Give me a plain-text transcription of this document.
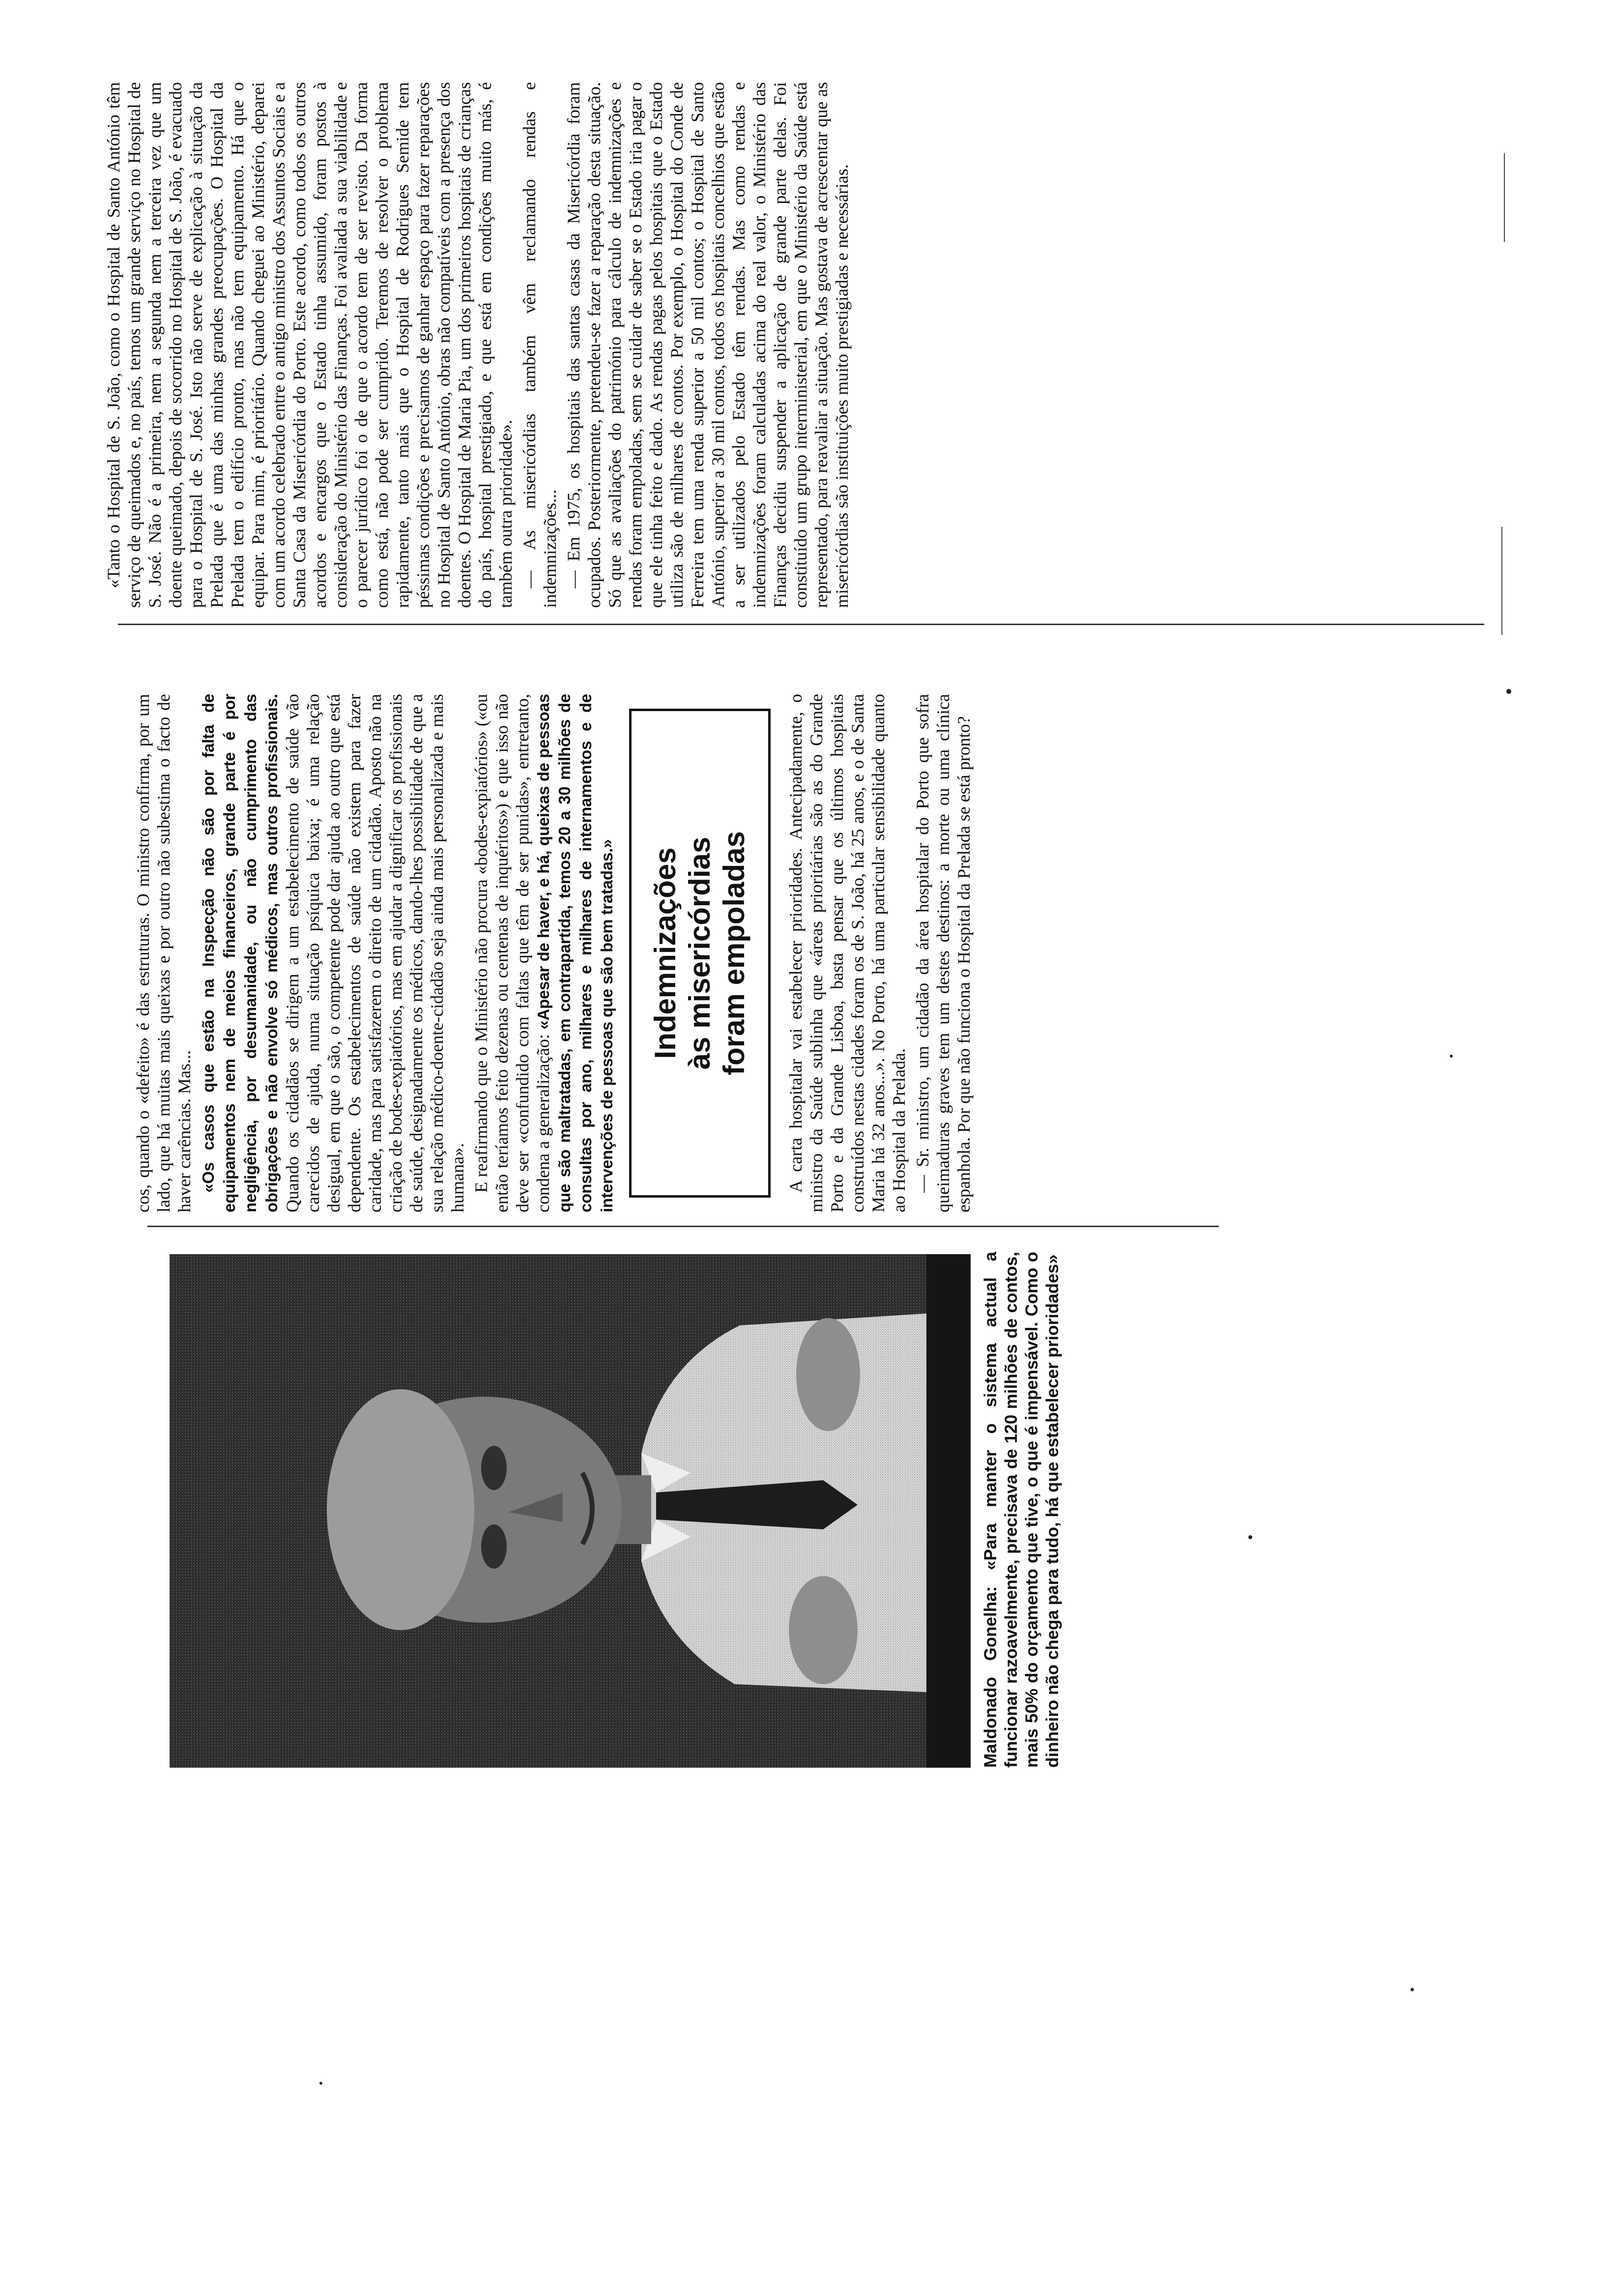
Maldonado Gonelha: «Para manter o sistema actual a funcionar razoavelmente, precisava de 120 milhões de contos, mais 50% do orçamento que tive, o que é impensável. Como o dinheiro não chega para tudo, há que estabelecer prioridades»

cos, quando o «defeito» é das estruturas. O ministro confirma, por um lado, que há muitas mais queixas e por outro não subestima o facto de haver carências. Mas... «Os casos que estão na Inspecção não são por falta de equipamentos nem de meios financeiros, grande parte é por negligência, por desumanidade, ou não cumprimento das obrigações e não envolve só médicos, mas outros profissionais. Quando os cidadãos se dirigem a um estabelecimento de saúde vão carecidos de ajuda, numa situação psíquica baixa; é uma relação desigual, em que o são, o competente pode dar ajuda ao outro que está dependente. Os estabelecimentos de saúde não existem para fazer caridade, mas para satisfazerem o direito de um cidadão. Aposto não na criação de bodes-expiatórios, mas em ajudar a dignificar os profissionais de saúde, designadamente os médicos, dando-lhes possibilidade de que a sua relação médico-doente-cidadão seja ainda mais personalizada e mais humana». E reafirmando que o Ministério não procura «bodes-expiatórios» («ou então teríamos feito dezenas ou centenas de inquéritos») e que isso não deve ser «confundido com faltas que têm de ser punidas», entretanto, condena a generalização: «Apesar de haver, e há, queixas de pessoas que são maltratadas, em contrapartida, temos 20 a 30 milhões de consultas por ano, milhares e milhares de internamentos e de intervenções de pessoas que são bem tratadas.» Indemnizações às misericórdias foram empoladas A carta hospitalar vai estabelecer prioridades. Antecipadamente, o ministro da Saúde sublinha que «áreas prioritárias são as do Grande Porto e da Grande Lisboa, basta pensar que os últimos hospitais construídos nestas cidades foram os de S. João, há 25 anos, e o de Santa Maria há 32 anos...». No Porto, há uma particular sensibilidade quanto ao Hospital da Prelada. — Sr. ministro, um cidadão da área hospitalar do Porto que sofra queimaduras graves tem um destes destinos: a morte ou uma clínica espanhola. Por que não funciona o Hospital da Prelada se está pronto?

«Tanto o Hospital de S. João, como o Hospital de Santo António têm serviço de queimados e, no país, temos um grande serviço no Hospital de S. José. Não é a primeira, nem a segunda nem a terceira vez que um doente queimado, depois de socorrido no Hospital de S. João, é evacuado para o Hospital de S. José. Isto não serve de explicação à situação da Prelada que é uma das minhas grandes preocupações. O Hospital da Prelada tem o edifício pronto, mas não tem equipamento. Há que o equipar. Para mim, é prioritário. Quando cheguei ao Ministério, deparei com um acordo celebrado entre o antigo ministro dos Assuntos Sociais e a Santa Casa da Misericórdia do Porto. Este acordo, como todos os outros acordos e encargos que o Estado tinha assumido, foram postos à consideração do Ministério das Finanças. Foi avaliada a sua viabilidade e o parecer jurídico foi o de que o acordo tem de ser revisto. Da forma como está, não pode ser cumprido. Teremos de resolver o problema rapidamente, tanto mais que o Hospital de Rodrigues Semide tem péssimas condições e precisamos de ganhar espaço para fazer reparações no Hospital de Santo António, obras não compatíveis com a presença dos doentes. O Hospital de Maria Pia, um dos primeiros hospitais de crianças do país, hospital prestigiado, e que está em condições muito más, é também outra prioridade». — As misericórdias também vêm reclamando rendas e indemnizações... — Em 1975, os hospitais das santas casas da Misericórdia foram ocupados. Posteriormente, pretendeu-se fazer a reparação desta situação. Só que as avaliações do património para cálculo de indemnizações e rendas foram empoladas, sem se cuidar de saber se o Estado iria pagar o que ele tinha feito e dado. As rendas pagas pelos hospitais que o Estado utiliza são de milhares de contos. Por exemplo, o Hospital do Conde de Ferreira tem uma renda superior a 50 mil contos; o Hospital de Santo António, superior a 30 mil contos, todos os hospitais concelhios que estão a ser utilizados pelo Estado têm rendas. Mas como rendas e indemnizações foram calculadas acima do real valor, o Ministério das Finanças decidiu suspender a aplicação de grande parte delas. Foi constituído um grupo interministerial, em que o Ministério da Saúde está representado, para reavaliar a situação. Mas gostava de acrescentar que as misericórdias são instituições muito prestigiadas e necessárias.
